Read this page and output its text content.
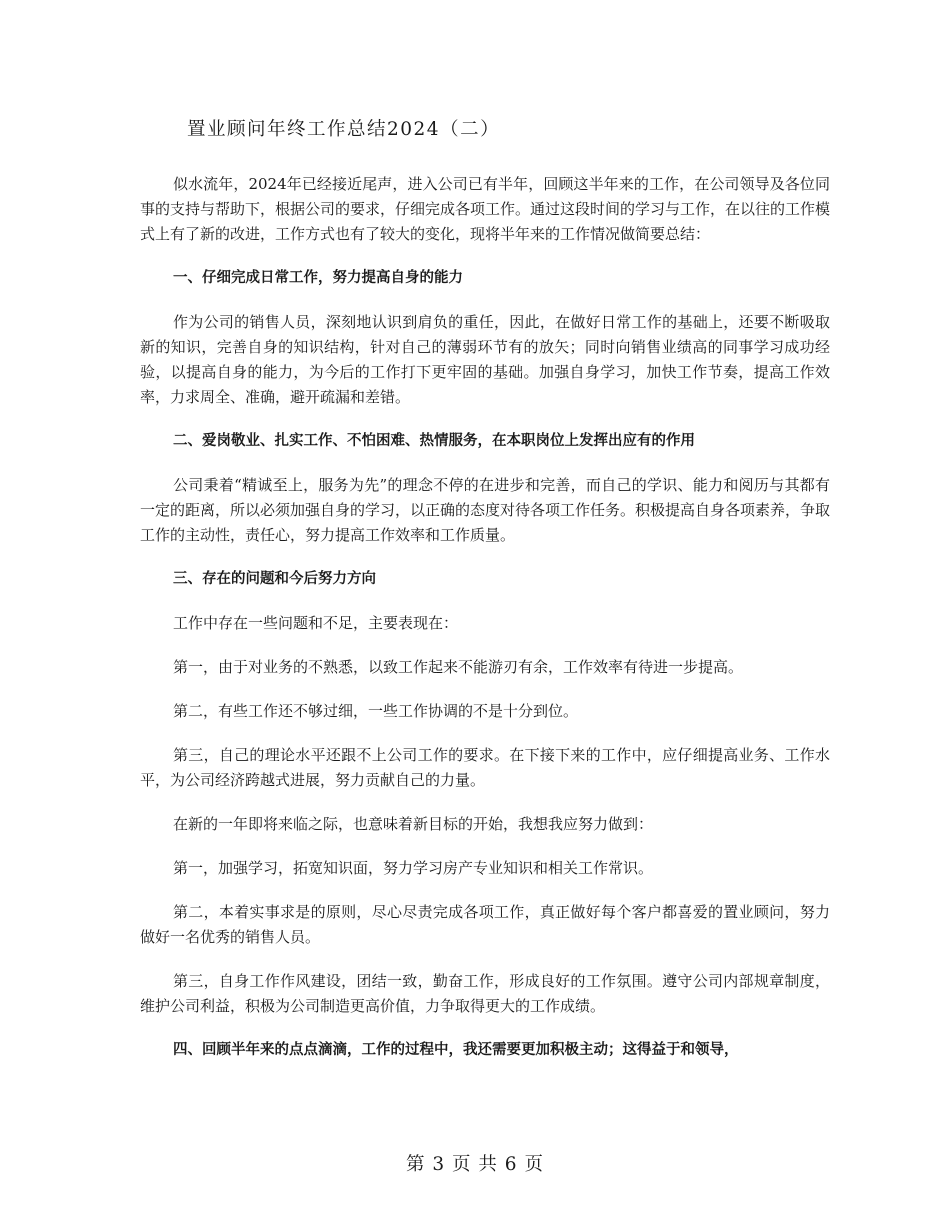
置业顾问年终工作总结2024（二）

似水流年，2024年已经接近尾声，进入公司已有半年，回顾这半年来的工作，在公司领导及各位同事的支持与帮助下，根据公司的要求，仔细完成各项工作。通过这段时间的学习与工作，在以往的工作模式上有了新的改进，工作方式也有了较大的变化，现将半年来的工作情况做简要总结：

一、仔细完成日常工作，努力提高自身的能力

作为公司的销售人员，深刻地认识到肩负的重任，因此，在做好日常工作的基础上，还要不断吸取新的知识，完善自身的知识结构，针对自己的薄弱环节有的放矢；同时向销售业绩高的同事学习成功经验，以提高自身的能力，为今后的工作打下更牢固的基础。加强自身学习，加快工作节奏，提高工作效率，力求周全、准确，避开疏漏和差错。

二、爱岗敬业、扎实工作、不怕困难、热情服务，在本职岗位上发挥出应有的作用

公司秉着“精诚至上，服务为先”的理念不停的在进步和完善，而自己的学识、能力和阅历与其都有一定的距离，所以必须加强自身的学习，以正确的态度对待各项工作任务。积极提高自身各项素养，争取工作的主动性，责任心，努力提高工作效率和工作质量。

三、存在的问题和今后努力方向

工作中存在一些问题和不足，主要表现在：

第一，由于对业务的不熟悉，以致工作起来不能游刃有余，工作效率有待进一步提高。

第二，有些工作还不够过细，一些工作协调的不是十分到位。

第三，自己的理论水平还跟不上公司工作的要求。在下接下来的工作中，应仔细提高业务、工作水平，为公司经济跨越式进展，努力贡献自己的力量。

在新的一年即将来临之际，也意味着新目标的开始，我想我应努力做到：

第一，加强学习，拓宽知识面，努力学习房产专业知识和相关工作常识。

第二，本着实事求是的原则，尽心尽责完成各项工作，真正做好每个客户都喜爱的置业顾问，努力做好一名优秀的销售人员。

第三，自身工作作风建设，团结一致，勤奋工作，形成良好的工作氛围。遵守公司内部规章制度，维护公司利益，积极为公司制造更高价值，力争取得更大的工作成绩。

四、回顾半年来的点点滴滴，工作的过程中，我还需要更加积极主动；这得益于和领导，

第 3 页 共 6 页
